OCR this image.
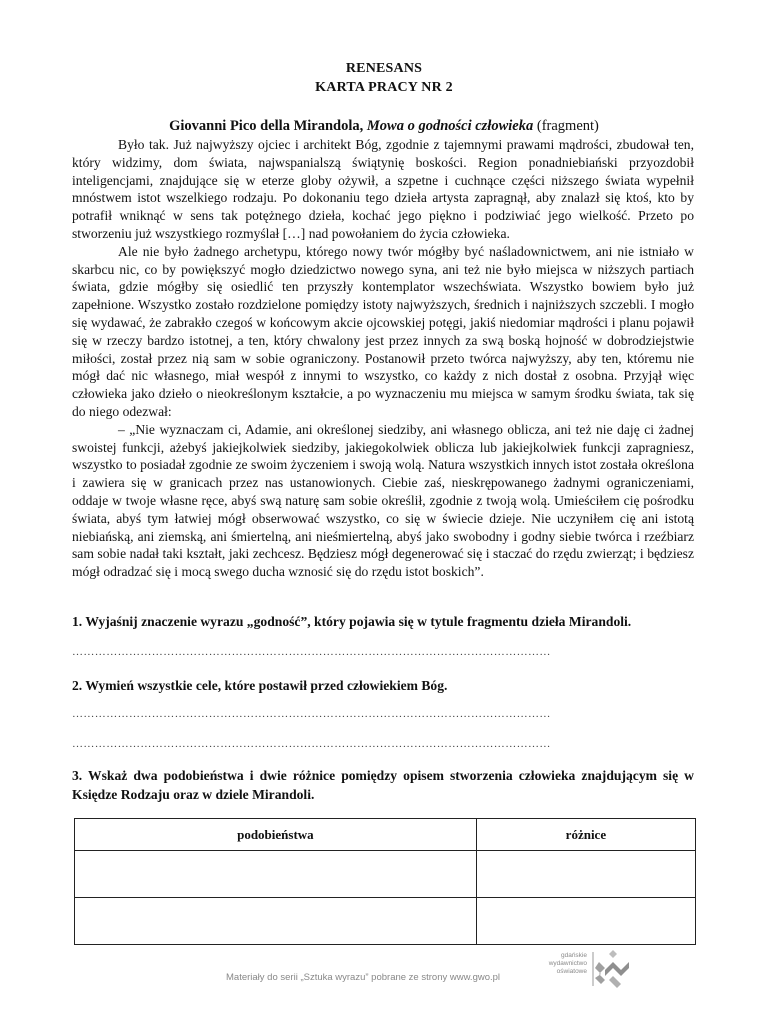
RENESANS
KARTA PRACY NR 2
Giovanni Pico della Mirandola, Mowa o godności człowieka (fragment)

Było tak. Już najwyższy ojciec i architekt Bóg, zgodnie z tajemnymi prawami mądrości, zbudował ten, który widzimy, dom świata, najwspanialszą świątynię boskości. Region ponadniebiański przyozdobił inteligencjami, znajdujące się w eterze globy ożywił, a szpetne i cuchnące części niższego świata wypełnił mnóstwem istot wszelkiego rodzaju. Po dokonaniu tego dzieła artysta zapragnął, aby znalazł się ktoś, kto by potrafił wniknąć w sens tak potężnego dzieła, kochać jego piękno i podziwiać jego wielkość. Przeto po stworzeniu już wszystkiego rozmyślał […] nad powołaniem do życia człowieka.

Ale nie było żadnego archetypu, którego nowy twór mógłby być naśladownictwem, ani nie istniało w skarbcu nic, co by powiększyć mogło dziedzictwo nowego syna, ani też nie było miejsca w niższych partiach świata, gdzie mógłby się osiedlić ten przyszły kontemplator wszechświata. Wszystko bowiem było już zapełnione. Wszystko zostało rozdzielone pomiędzy istoty najwyższych, średnich i najniższych szczebli. I mogło się wydawać, że zabrakło czegoś w końcowym akcie ojcowskiej potęgi, jakiś niedomiar mądrości i planu pojawił się w rzeczy bardzo istotnej, a ten, który chwalony jest przez innych za swą boską hojność w dobrodziejstwie miłości, został przez nią sam w sobie ograniczony. Postanowił przeto twórca najwyższy, aby ten, któremu nie mógł dać nic własnego, miał wespół z innymi to wszystko, co każdy z nich dostał z osobna. Przyjął więc człowieka jako dzieło o nieokreślonym kształcie, a po wyznaczeniu mu miejsca w samym środku świata, tak się do niego odezwał:

– „Nie wyznaczam ci, Adamie, ani określonej siedziby, ani własnego oblicza, ani też nie daję ci żadnej swoistej funkcji, ażebyś jakiejkolwiek siedziby, jakiegokolwiek oblicza lub jakiejkolwiek funkcji zapragniesz, wszystko to posiadał zgodnie ze swoim życzeniem i swoją wolą. Natura wszystkich innych istot została określona i zawiera się w granicach przez nas ustanowionych. Ciebie zaś, nieskrępowanego żadnymi ograniczeniami, oddaje w twoje własne ręce, abyś swą naturę sam sobie określił, zgodnie z twoją wolą. Umieściłem cię pośrodku świata, abyś tym łatwiej mógł obserwować wszystko, co się w świecie dzieje. Nie uczyniłem cię ani istotą niebiańską, ani ziemską, ani śmiertelną, ani nieśmiertelną, abyś jako swobodny i godny siebie twórca i rzeźbiarz sam sobie nadał taki kształt, jaki zechcesz. Będziesz mógł degenerować się i staczać do rzędu zwierząt; i będziesz mógł odradzać się i mocą swego ducha wznosić się do rzędu istot boskich”.

1. Wyjaśnij znaczenie wyrazu „godność”, który pojawia się w tytule fragmentu dzieła Mirandoli.
………………………………………………………………………………………………………………
2. Wymień wszystkie cele, które postawił przed człowiekiem Bóg.
………………………………………………………………………………………………………………
………………………………………………………………………………………………………………
3. Wskaż dwa podobieństwa i dwie różnice pomiędzy opisem stworzenia człowieka znajdującym się w Księdze Rodzaju oraz w dziele Mirandoli.
podobieństwa	różnice

Materiały do serii „Sztuka wyrazu” pobrane ze strony www.gwo.pl
gdańskie
wydawnictwo
oświatowe
